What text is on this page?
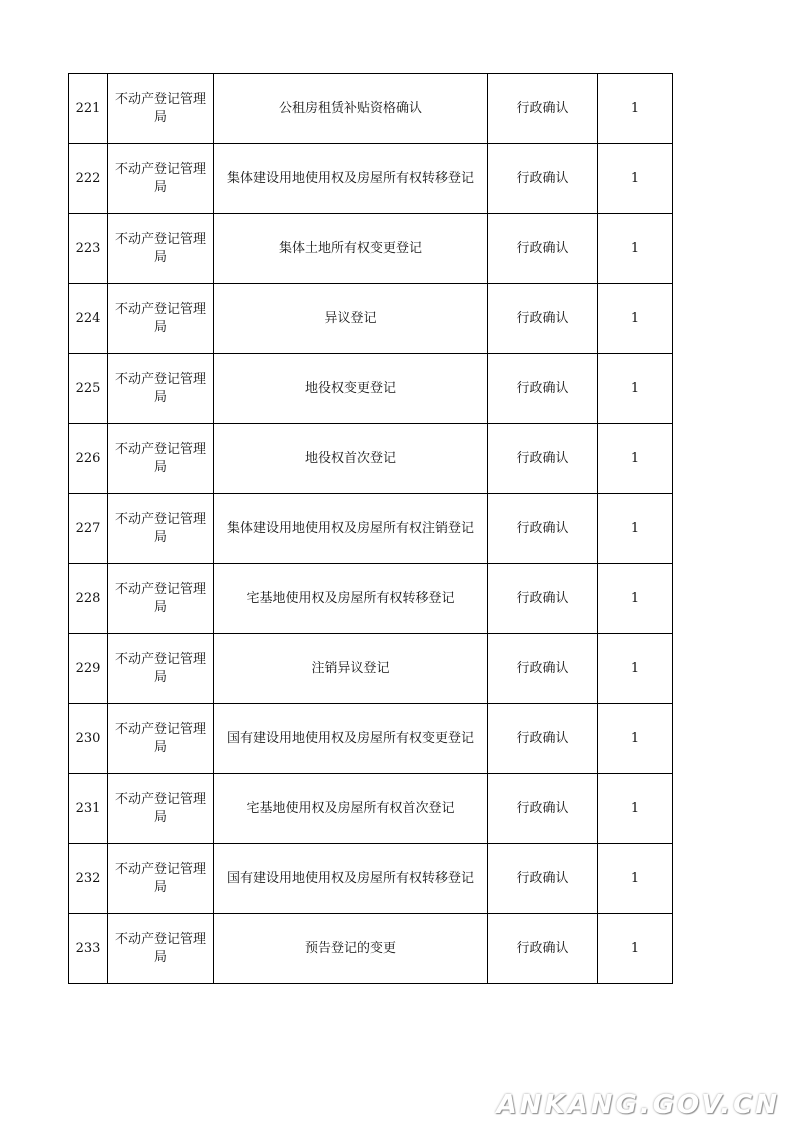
221	不动产登记管理局	公租房租赁补贴资格确认	行政确认	1
222	不动产登记管理局	集体建设用地使用权及房屋所有权转移登记	行政确认	1
223	不动产登记管理局	集体土地所有权变更登记	行政确认	1
224	不动产登记管理局	异议登记	行政确认	1
225	不动产登记管理局	地役权变更登记	行政确认	1
226	不动产登记管理局	地役权首次登记	行政确认	1
227	不动产登记管理局	集体建设用地使用权及房屋所有权注销登记	行政确认	1
228	不动产登记管理局	宅基地使用权及房屋所有权转移登记	行政确认	1
229	不动产登记管理局	注销异议登记	行政确认	1
230	不动产登记管理局	国有建设用地使用权及房屋所有权变更登记	行政确认	1
231	不动产登记管理局	宅基地使用权及房屋所有权首次登记	行政确认	1
232	不动产登记管理局	国有建设用地使用权及房屋所有权转移登记	行政确认	1
233	不动产登记管理局	预告登记的变更	行政确认	1
ANKANG.GOV.CN
